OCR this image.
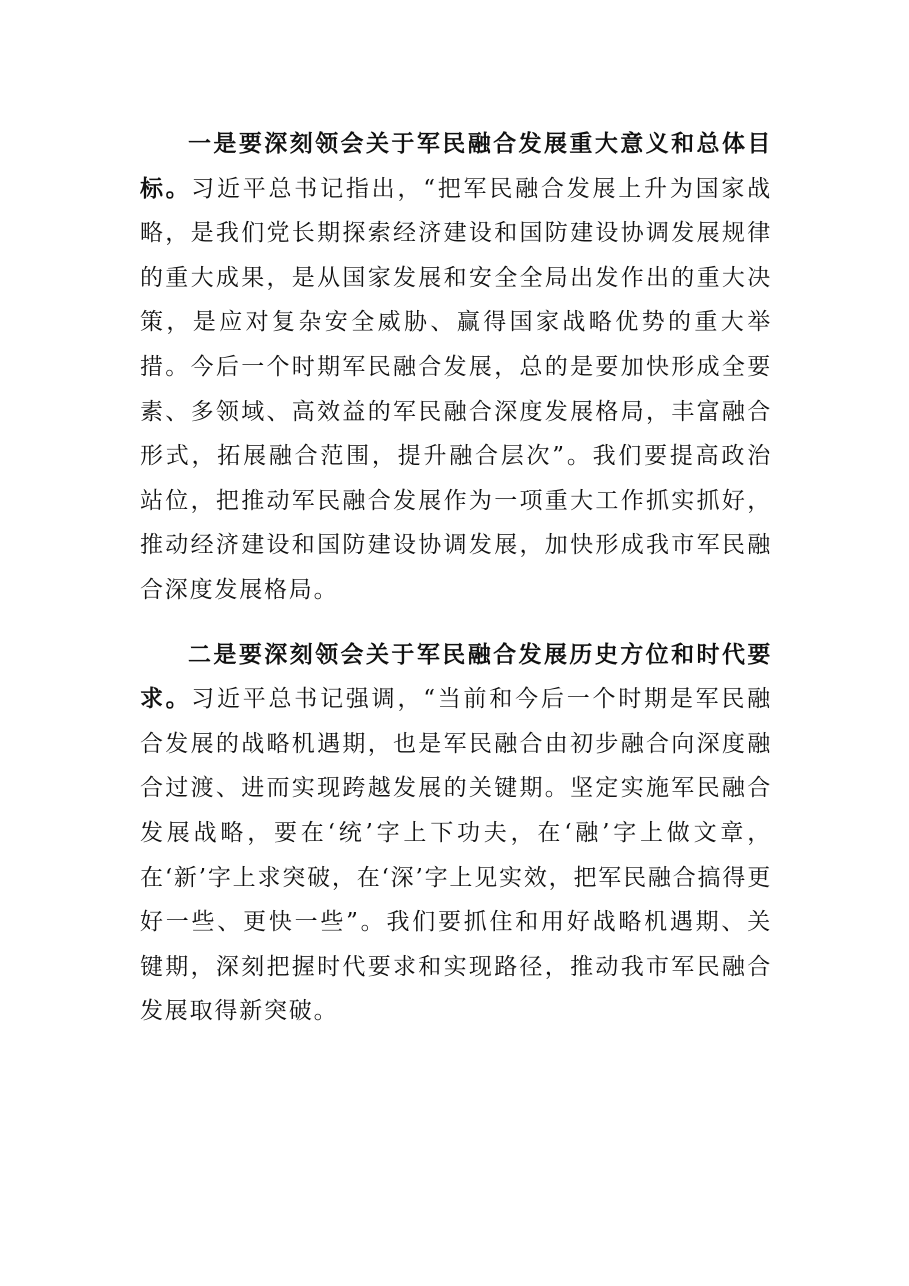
一是要深刻领会关于军民融合发展重大意义和总体目标。习近平总书记指出，“把军民融合发展上升为国家战略，是我们党长期探索经济建设和国防建设协调发展规律的重大成果，是从国家发展和安全全局出发作出的重大决策，是应对复杂安全威胁、赢得国家战略优势的重大举措。今后一个时期军民融合发展，总的是要加快形成全要素、多领域、高效益的军民融合深度发展格局，丰富融合形式，拓展融合范围，提升融合层次”。我们要提高政治站位，把推动军民融合发展作为一项重大工作抓实抓好，推动经济建设和国防建设协调发展，加快形成我市军民融合深度发展格局。

二是要深刻领会关于军民融合发展历史方位和时代要求。习近平总书记强调，“当前和今后一个时期是军民融合发展的战略机遇期，也是军民融合由初步融合向深度融合过渡、进而实现跨越发展的关键期。坚定实施军民融合发展战略，要在‘统’字上下功夫，在‘融’字上做文章，在‘新’字上求突破，在‘深’字上见实效，把军民融合搞得更好一些、更快一些”。我们要抓住和用好战略机遇期、关键期，深刻把握时代要求和实现路径，推动我市军民融合发展取得新突破。
